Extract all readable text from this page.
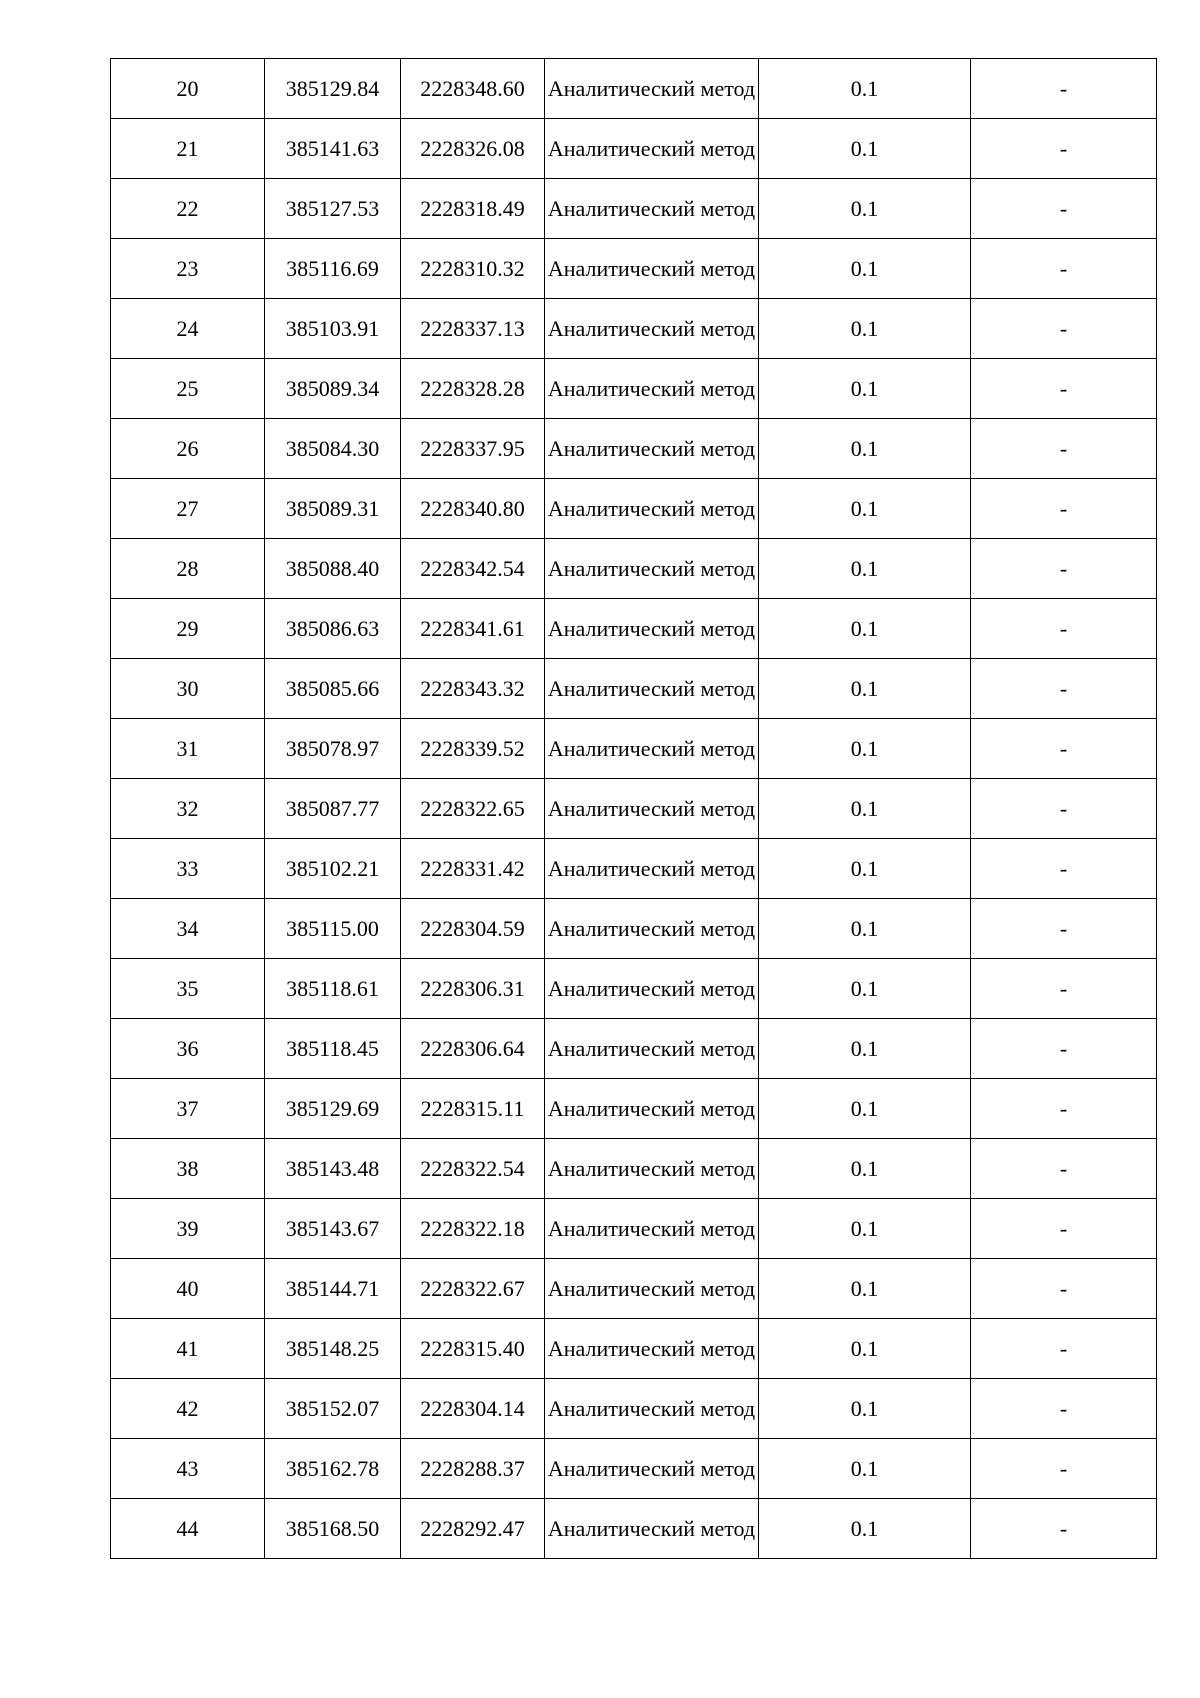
20	385129.84	2228348.60	Аналитический метод	0.1	-
21	385141.63	2228326.08	Аналитический метод	0.1	-
22	385127.53	2228318.49	Аналитический метод	0.1	-
23	385116.69	2228310.32	Аналитический метод	0.1	-
24	385103.91	2228337.13	Аналитический метод	0.1	-
25	385089.34	2228328.28	Аналитический метод	0.1	-
26	385084.30	2228337.95	Аналитический метод	0.1	-
27	385089.31	2228340.80	Аналитический метод	0.1	-
28	385088.40	2228342.54	Аналитический метод	0.1	-
29	385086.63	2228341.61	Аналитический метод	0.1	-
30	385085.66	2228343.32	Аналитический метод	0.1	-
31	385078.97	2228339.52	Аналитический метод	0.1	-
32	385087.77	2228322.65	Аналитический метод	0.1	-
33	385102.21	2228331.42	Аналитический метод	0.1	-
34	385115.00	2228304.59	Аналитический метод	0.1	-
35	385118.61	2228306.31	Аналитический метод	0.1	-
36	385118.45	2228306.64	Аналитический метод	0.1	-
37	385129.69	2228315.11	Аналитический метод	0.1	-
38	385143.48	2228322.54	Аналитический метод	0.1	-
39	385143.67	2228322.18	Аналитический метод	0.1	-
40	385144.71	2228322.67	Аналитический метод	0.1	-
41	385148.25	2228315.40	Аналитический метод	0.1	-
42	385152.07	2228304.14	Аналитический метод	0.1	-
43	385162.78	2228288.37	Аналитический метод	0.1	-
44	385168.50	2228292.47	Аналитический метод	0.1	-
